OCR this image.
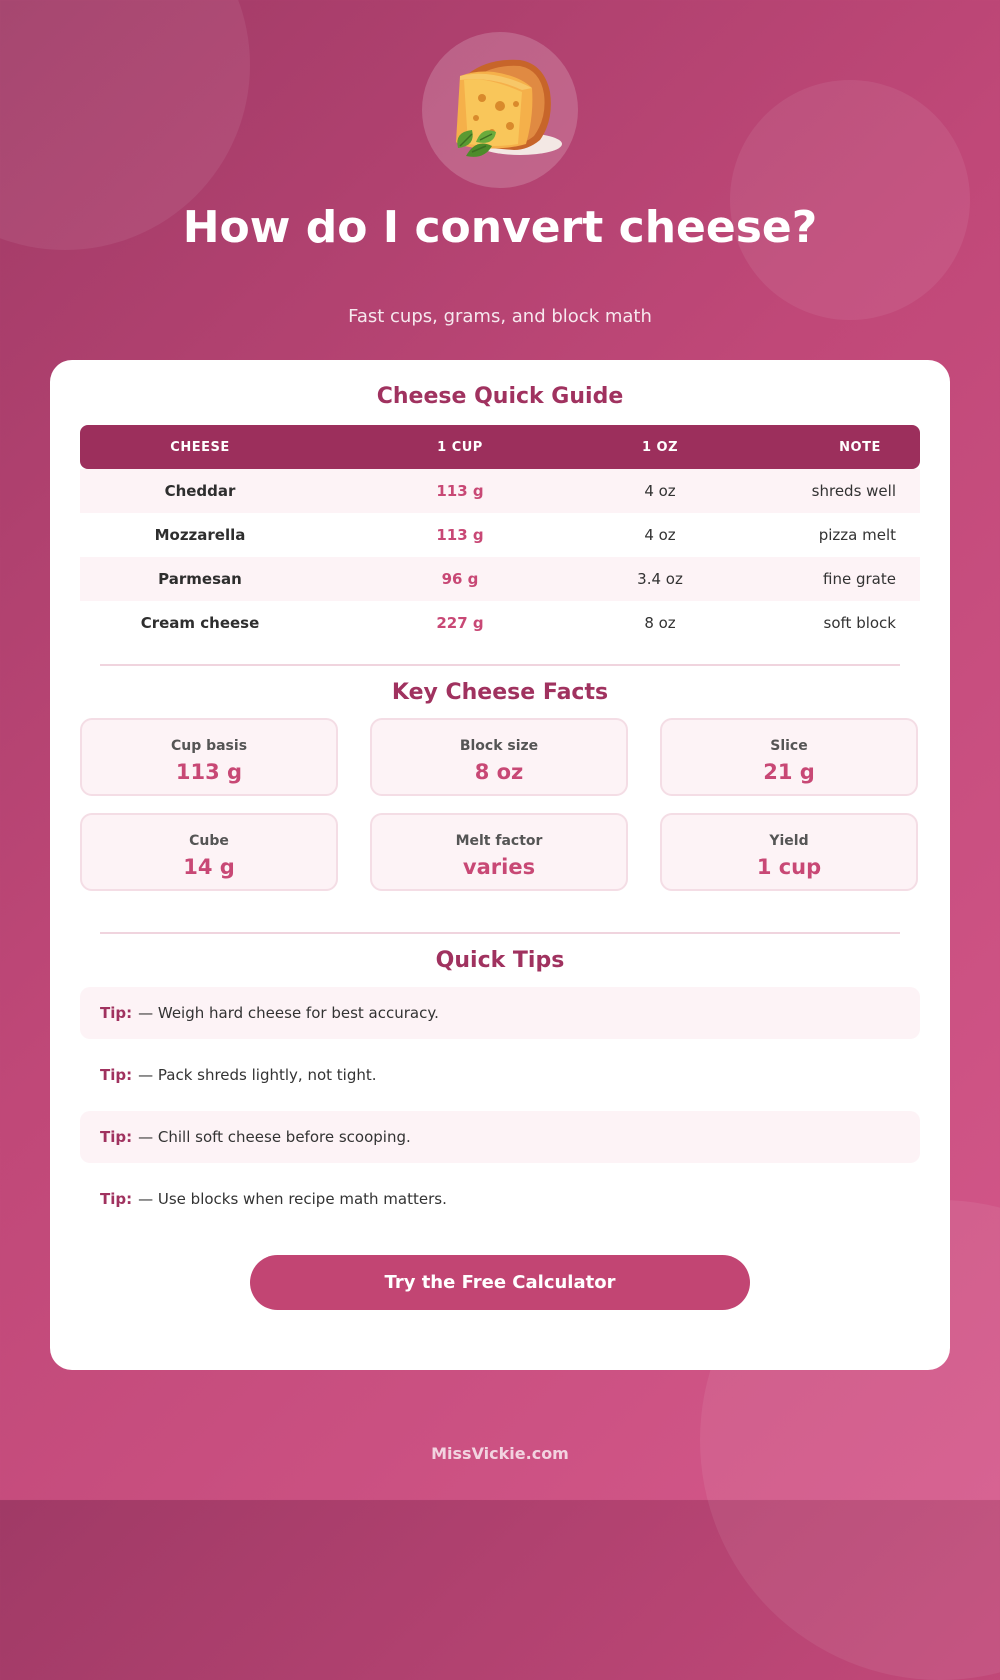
How do I convert cheese?
Fast cups, grams, and block math
Cheese Quick Guide
CHEESE	1 CUP	1 OZ	NOTE
Cheddar	113 g	4 oz	shreds well
Mozzarella	113 g	4 oz	pizza melt
Parmesan	96 g	3.4 oz	fine grate
Cream cheese	227 g	8 oz	soft block
Key Cheese Facts
Cup basis
113 g
Block size
8 oz
Slice
21 g
Cube
14 g
Melt factor
varies
Yield
1 cup
Quick Tips
Tip: — Weigh hard cheese for best accuracy.
Tip: — Pack shreds lightly, not tight.
Tip: — Chill soft cheese before scooping.
Tip: — Use blocks when recipe math matters.
Try the Free Calculator
MissVickie.com
